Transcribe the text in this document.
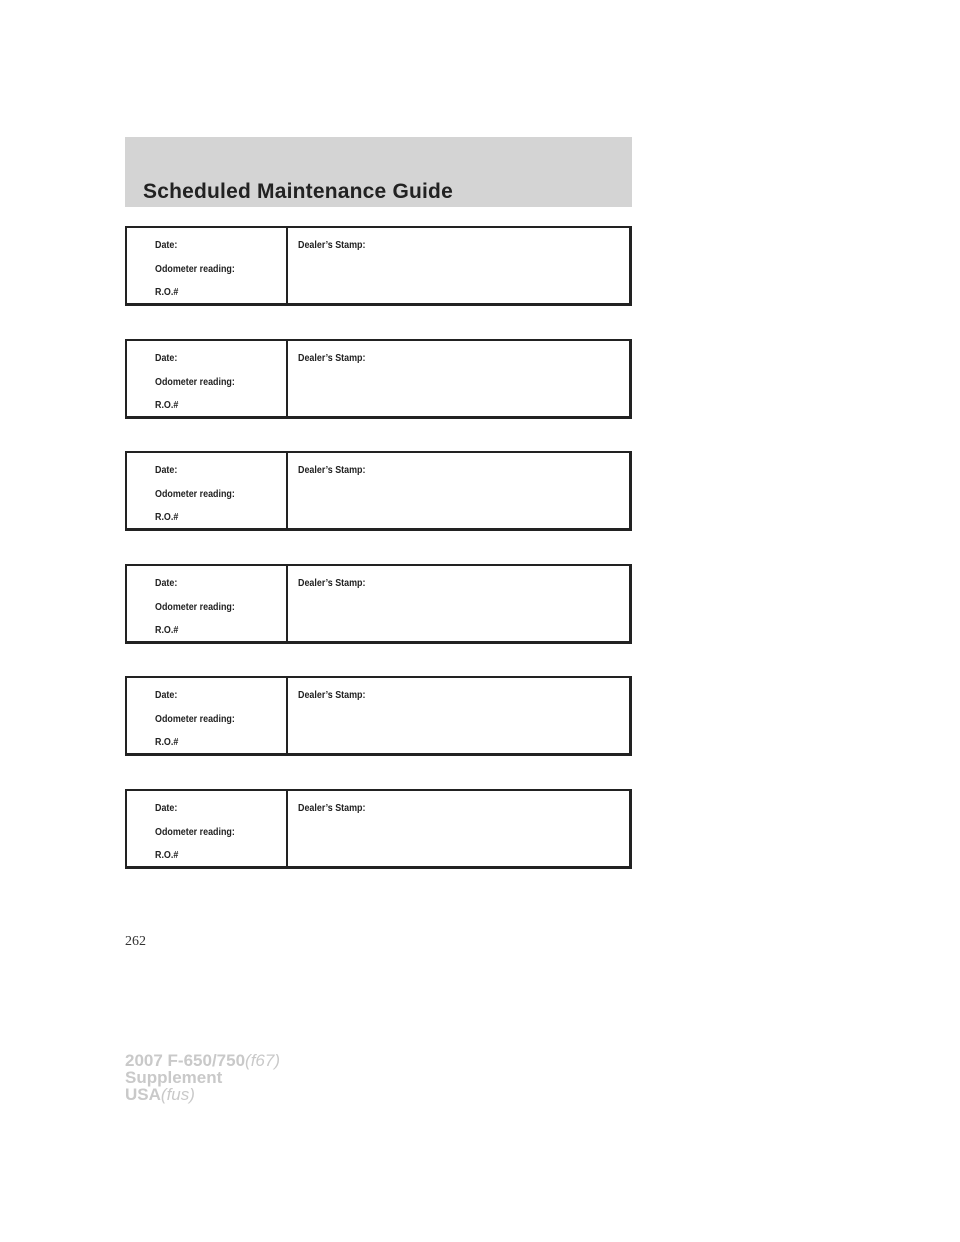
Scheduled Maintenance Guide
Date:
Odometer reading:
R.O.#
Dealer’s Stamp:
Date:
Odometer reading:
R.O.#
Dealer’s Stamp:
Date:
Odometer reading:
R.O.#
Dealer’s Stamp:
Date:
Odometer reading:
R.O.#
Dealer’s Stamp:
Date:
Odometer reading:
R.O.#
Dealer’s Stamp:
Date:
Odometer reading:
R.O.#
Dealer’s Stamp:
262
2007 F-650/750(f67)
Supplement
USA(fus)
